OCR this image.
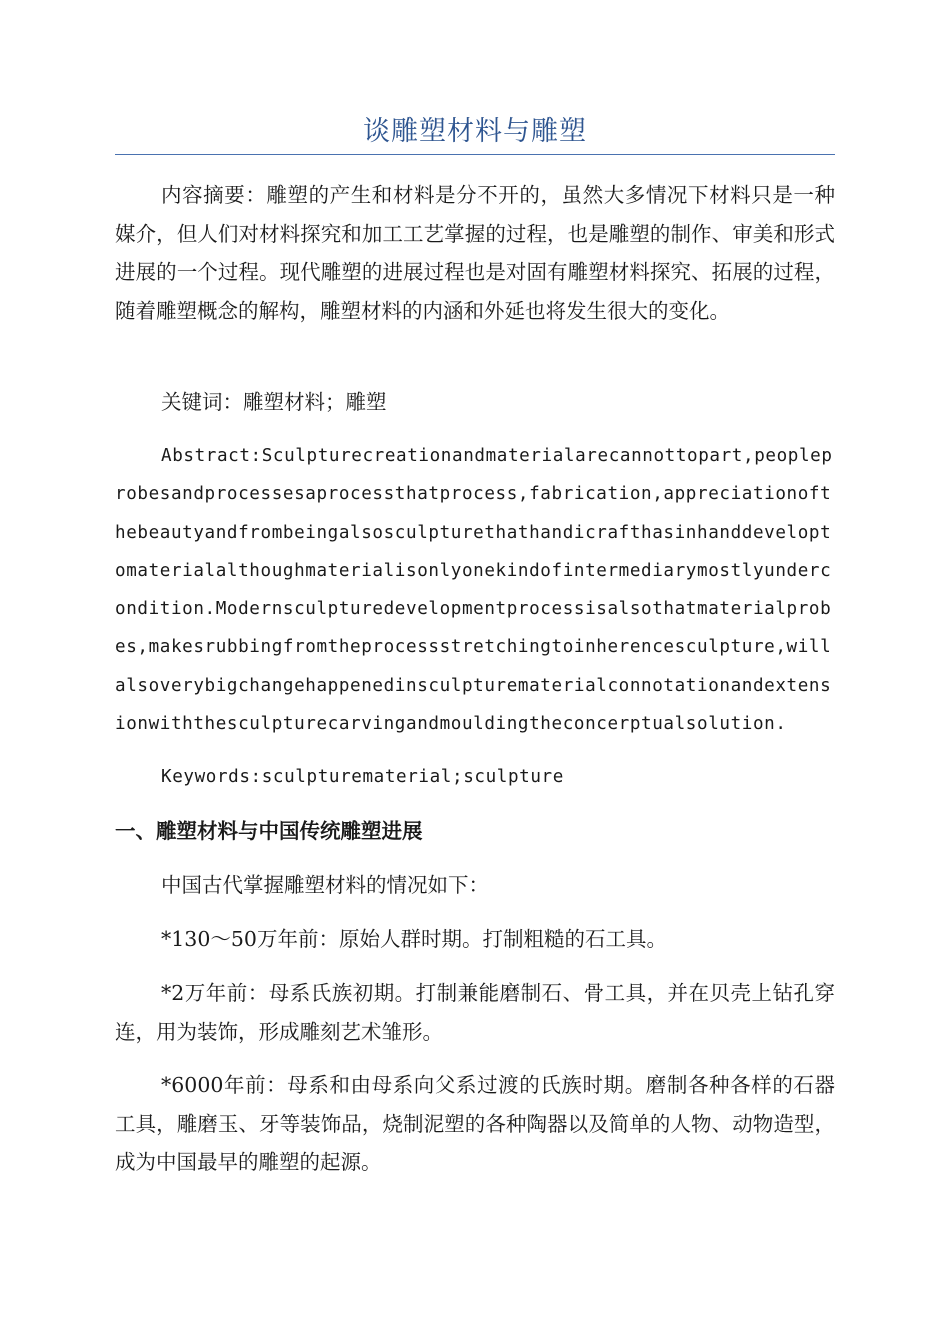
谈雕塑材料与雕塑
内容摘要：雕塑的产生和材料是分不开的，虽然大多情况下材料只是一种媒介，但人们对材料探究和加工工艺掌握的过程，也是雕塑的制作、审美和形式进展的一个过程。现代雕塑的进展过程也是对固有雕塑材料探究、拓展的过程，随着雕塑概念的解构，雕塑材料的内涵和外延也将发生很大的变化。
关键词：雕塑材料；雕塑
Abstract:Sculpturecreationandmaterialarecannottopart,peopleprobesandprocessesaprocessthatprocess,fabrication,appreciationofthebeautyandfrombeingalsosculpturethathandicrafthasinhanddeveloptomaterialalthoughmaterialisonlyonekindofintermediarymostlyundercondition.Modernsculpturedevelopmentprocessisalsothatmaterialprobes,makesrubbingfromtheprocessstretchingtoinherencesculpture,willalsoverybigchangehappenedinsculpturematerialconnotationandextensionwiththesculpturecarvingandmouldingtheconcerptualsolution.
Keywords:sculpturematerial;sculpture
一、雕塑材料与中国传统雕塑进展
中国古代掌握雕塑材料的情况如下：
*130～50万年前：原始人群时期。打制粗糙的石工具。
*2万年前：母系氏族初期。打制兼能磨制石、骨工具，并在贝壳上钻孔穿连，用为装饰，形成雕刻艺术雏形。
*6000年前：母系和由母系向父系过渡的氏族时期。磨制各种各样的石器工具，雕磨玉、牙等装饰品，烧制泥塑的各种陶器以及简单的人物、动物造型，成为中国最早的雕塑的起源。
